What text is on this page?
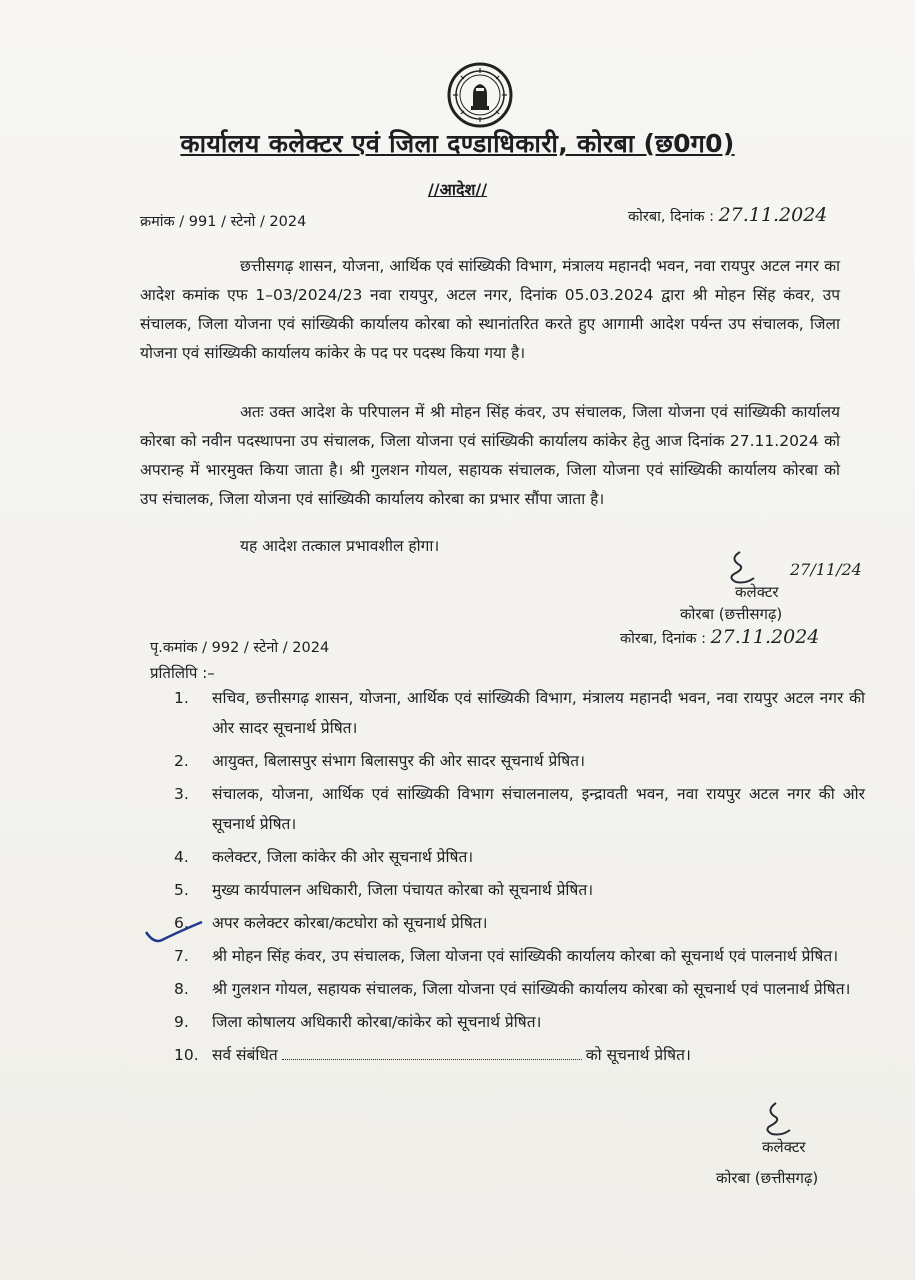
कार्यालय कलेक्टर एवं जिला दण्डाधिकारी, कोरबा (छ0ग0)
//आदेश//
क्रमांक / 991 / स्टेनो / 2024	कोरबा, दिनांक : 27.11.2024
छत्तीसगढ़ शासन, योजना, आर्थिक एवं सांख्यिकी विभाग, मंत्रालय महानदी भवन, नवा रायपुर अटल नगर का आदेश कमांक एफ 1–03/2024/23 नवा रायपुर, अटल नगर, दिनांक 05.03.2024 द्वारा श्री मोहन सिंह कंवर, उप संचालक, जिला योजना एवं सांख्यिकी कार्यालय कोरबा को स्थानांतरित करते हुए आगामी आदेश पर्यन्त उप संचालक, जिला योजना एवं सांख्यिकी कार्यालय कांकेर के पद पर पदस्थ किया गया है।
अतः उक्त आदेश के परिपालन में श्री मोहन सिंह कंवर, उप संचालक, जिला योजना एवं सांख्यिकी कार्यालय कोरबा को नवीन पदस्थापना उप संचालक, जिला योजना एवं सांख्यिकी कार्यालय कांकेर हेतु आज दिनांक 27.11.2024 को अपरान्ह में भारमुक्त किया जाता है। श्री गुलशन गोयल, सहायक संचालक, जिला योजना एवं सांख्यिकी कार्यालय कोरबा को उप संचालक, जिला योजना एवं सांख्यिकी कार्यालय कोरबा का प्रभार सौंपा जाता है।
यह आदेश तत्काल प्रभावशील होगा।
27/11/24
कलेक्टर
कोरबा (छत्तीसगढ़)
पृ.कमांक / 992 / स्टेनो / 2024
कोरबा, दिनांक : 27.11.2024
प्रतिलिपि :–
1.	सचिव, छत्तीसगढ़ शासन, योजना, आर्थिक एवं सांख्यिकी विभाग, मंत्रालय महानदी भवन, नवा रायपुर अटल नगर की ओर सादर सूचनार्थ प्रेषित।
2.	आयुक्त, बिलासपुर संभाग बिलासपुर की ओर सादर सूचनार्थ प्रेषित।
3.	संचालक, योजना, आर्थिक एवं सांख्यिकी विभाग संचालनालय, इन्द्रावती भवन, नवा रायपुर अटल नगर की ओर सूचनार्थ प्रेषित।
4.	कलेक्टर, जिला कांकेर की ओर सूचनार्थ प्रेषित।
5.	मुख्य कार्यपालन अधिकारी, जिला पंचायत कोरबा को सूचनार्थ प्रेषित।
6.	अपर कलेक्टर कोरबा/कटघोरा को सूचनार्थ प्रेषित।
7.	श्री मोहन सिंह कंवर, उप संचालक, जिला योजना एवं सांख्यिकी कार्यालय कोरबा को सूचनार्थ एवं पालनार्थ प्रेषित।
8.	श्री गुलशन गोयल, सहायक संचालक, जिला योजना एवं सांख्यिकी कार्यालय कोरबा को सूचनार्थ एवं पालनार्थ प्रेषित।
9.	जिला कोषालय अधिकारी कोरबा/कांकेर को सूचनार्थ प्रेषित।
10. सर्व संबंधित	को सूचनार्थ प्रेषित।
कलेक्टर
कोरबा (छत्तीसगढ़)
